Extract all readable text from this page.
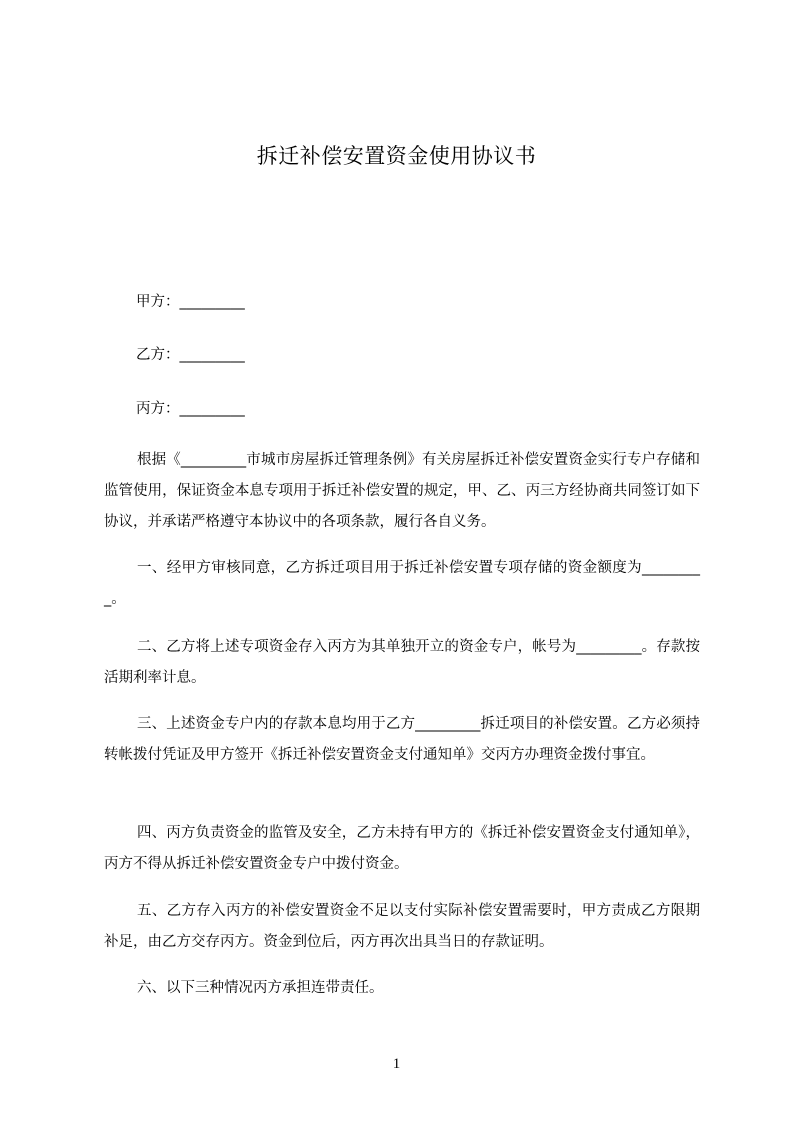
拆迁补偿安置资金使用协议书
甲方：_________
乙方：_________
丙方：_________
根据《_________市城市房屋拆迁管理条例》有关房屋拆迁补偿安置资金实行专户存储和监管使用，保证资金本息专项用于拆迁补偿安置的规定，甲、乙、丙三方经协商共同签订如下协议，并承诺严格遵守本协议中的各项条款，履行各自义务。
一、经甲方审核同意，乙方拆迁项目用于拆迁补偿安置专项存储的资金额度为_________。
二、乙方将上述专项资金存入丙方为其单独开立的资金专户，帐号为_________。存款按活期利率计息。
三、上述资金专户内的存款本息均用于乙方_________拆迁项目的补偿安置。乙方必须持转帐拨付凭证及甲方签开《拆迁补偿安置资金支付通知单》交丙方办理资金拨付事宜。
四、丙方负责资金的监管及安全，乙方未持有甲方的《拆迁补偿安置资金支付通知单》，丙方不得从拆迁补偿安置资金专户中拨付资金。
五、乙方存入丙方的补偿安置资金不足以支付实际补偿安置需要时，甲方责成乙方限期补足，由乙方交存丙方。资金到位后，丙方再次出具当日的存款证明。
六、以下三种情况丙方承担连带责任。
1
